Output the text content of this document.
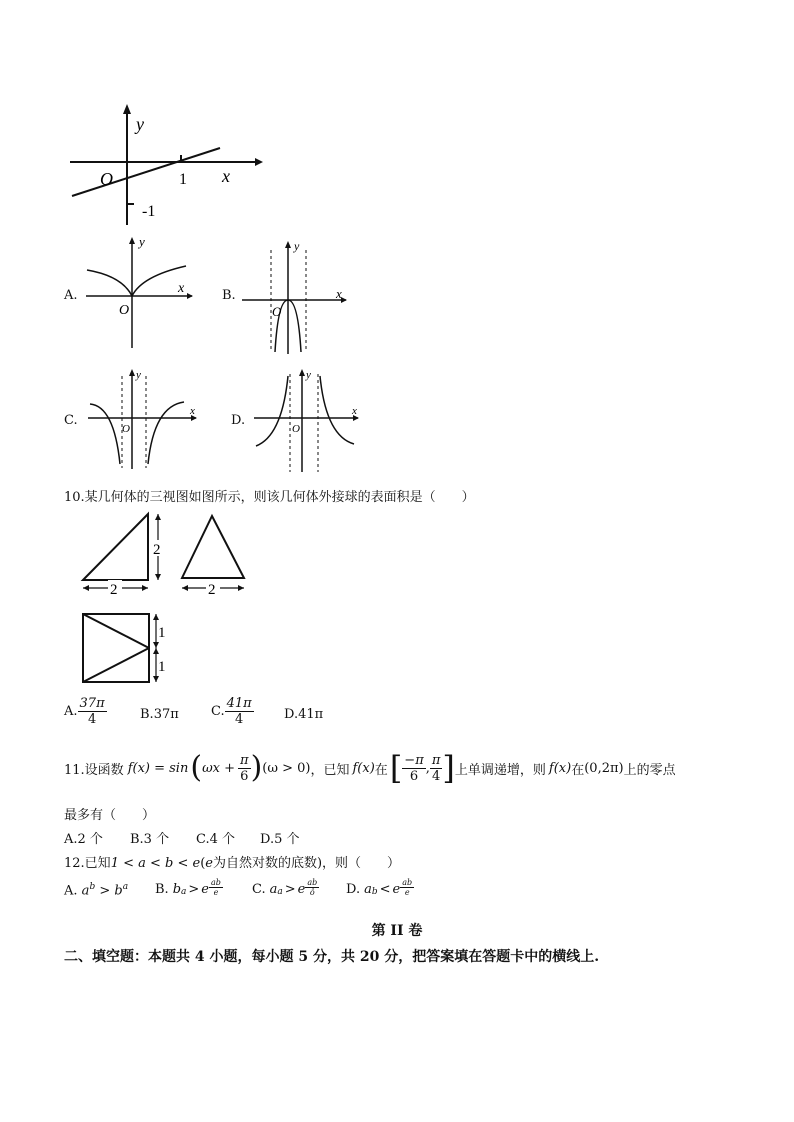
y
x
O	1
-1
A.
y
x
O
B.
y
x
O
C.
y
x
O
D.
y
x
O
10.某几何体的三视图如图所示，则该几何体外接球的表面积是（　　）
2
2	2
1
1
A. $\frac{37\pi}{4}$	B.37π C. $\frac{41\pi}{4} D.41\pi$
11.设函数 f(x) = sin ( $\omega x + \frac{\pi}{6}$ ) (ω > 0) ，已知 f(x) 在 [ $\frac{-\pi}{6}$ , $\frac{\pi}{4}$ ] 上单调递增，则 f(x) 在 (0,2π) 上的零点
最多有（　　）
A.2 个 B.3 个 C.4 个 D.5 个
12.已知1 < a < b < e(e为自然对数的底数)，则（　　）
A. $a^b > b^a$ B. b a > e $\frac{ab}{e} C$. a a > e $\frac{ab}{ô} D$. a b < e $\frac{ab}{e}$
第 II 卷
二、填空题：本题共 4 小题，每小题 5 分，共 20 分，把答案填在答题卡中的横线上.
